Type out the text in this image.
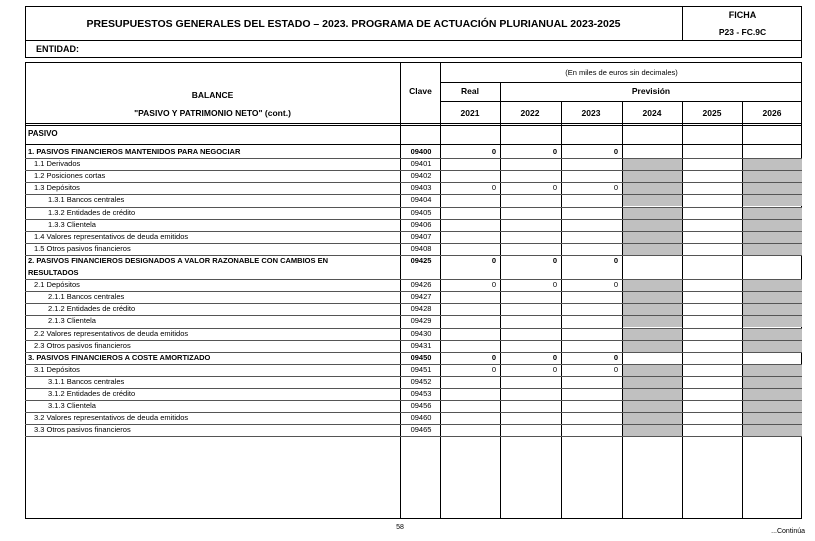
PRESUPUESTOS GENERALES DEL ESTADO – 2023. PROGRAMA DE ACTUACIÓN PLURIANUAL 2023-2025
FICHA
P23 - FC.9C
ENTIDAD:
(En miles de euros sin decimales)
BALANCE
"PASIVO Y PATRIMONIO NETO" (cont.)
Clave	Real	Previsión
2021	2022	2023	2024	2025	2026
PASIVO
1. PASIVOS FINANCIEROS MANTENIDOS PARA NEGOCIAR	09400	0	0	0
1.1 Derivados	09401
1.2 Posiciones cortas	09402
1.3 Depósitos	09403	0	0	0
1.3.1 Bancos centrales	09404
1.3.2 Entidades de crédito	09405
1.3.3 Clientela	09406
1.4 Valores representativos de deuda emitidos	09407
1.5 Otros pasivos financieros	09408
2. PASIVOS FINANCIEROS DESIGNADOS A VALOR RAZONABLE CON CAMBIOS EN
RESULTADOS
09425	0	0	0
2.1 Depósitos	09426	0	0	0
2.1.1 Bancos centrales	09427
2.1.2 Entidades de crédito	09428
2.1.3 Clientela	09429
2.2 Valores representativos de deuda emitidos	09430
2.3 Otros pasivos financieros	09431
3. PASIVOS FINANCIEROS A COSTE AMORTIZADO	09450	0	0	0
3.1 Depósitos	09451	0	0	0
3.1.1 Bancos centrales	09452
3.1.2 Entidades de crédito	09453
3.1.3 Clientela	09456
3.2 Valores representativos de deuda emitidos	09460
3.3 Otros pasivos financieros	09465
58
...Continúa
